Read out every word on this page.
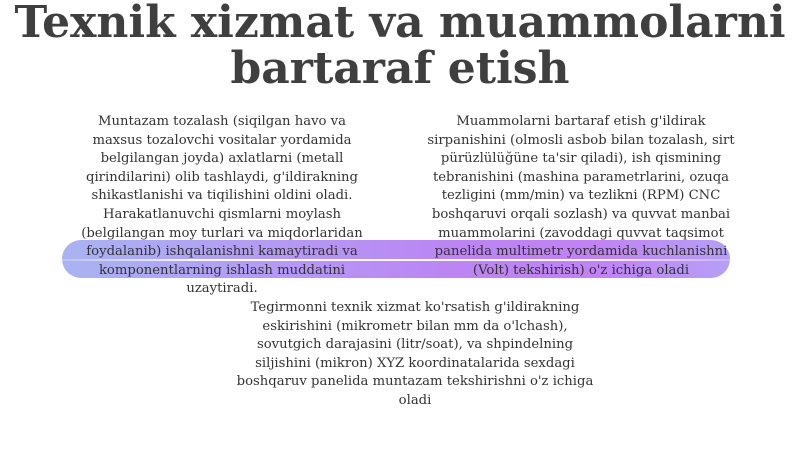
Texnik xizmat va muammolarni bartaraf etish
Muntazam tozalash (siqilgan havo va maxsus tozalovchi vositalar yordamida belgilangan joyda) axlatlarni (metall qirindilarini) olib tashlaydi, g'ildirakning shikastlanishi va tiqilishini oldini oladi. Harakatlanuvchi qismlarni moylash (belgilangan moy turlari va miqdorlaridan foydalanib) ishqalanishni kamaytiradi va komponentlarning ishlash muddatini uzaytiradi.
Muammolarni bartaraf etish g'ildirak sirpanishini (olmosli asbob bilan tozalash, sirt pürüzlülüğüne ta'sir qiladi), ish qismining tebranishini (mashina parametrlarini, ozuqa tezligini (mm/min) va tezlikni (RPM) CNC boshqaruvi orqali sozlash) va quvvat manbai muammolarini (zavoddagi quvvat taqsimot panelida multimetr yordamida kuchlanishni (Volt) tekshirish) o'z ichiga oladi
Tegirmonni texnik xizmat ko'rsatish g'ildirakning eskirishini (mikrometr bilan mm da o'lchash), sovutgich darajasini (litr/soat), va shpindelning siljishini (mikron) XYZ koordinatalarida sexdagi boshqaruv panelida muntazam tekshirishni o'z ichiga oladi
